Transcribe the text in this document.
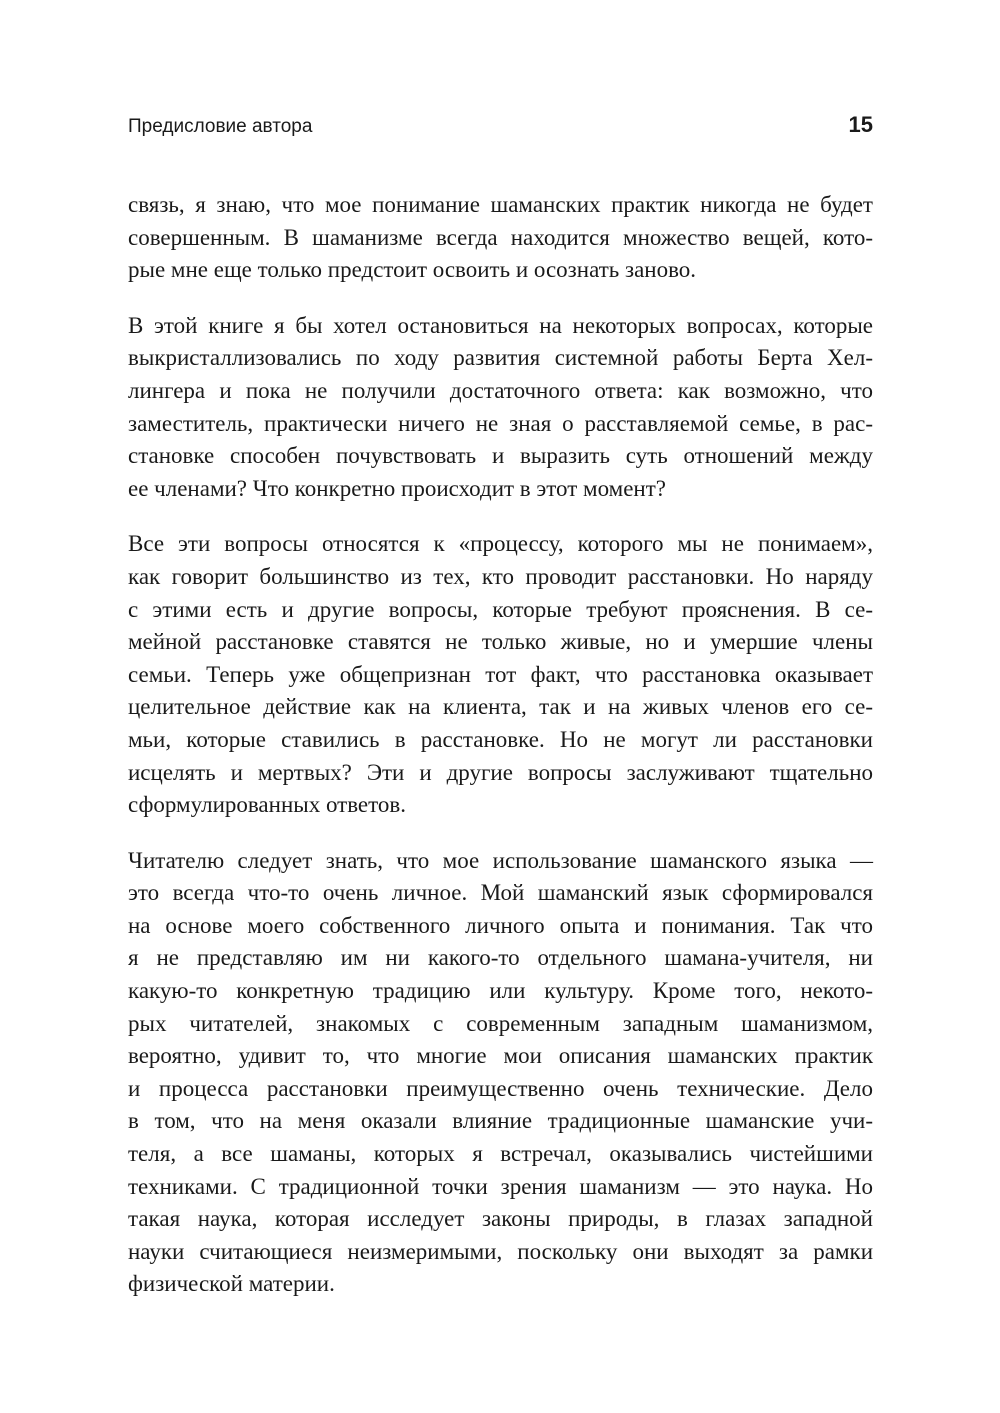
Предисловие автора	15
связь, я знаю, что мое понимание шаманских практик никогда не будет
совершенным. В шаманизме всегда находится множество вещей, кото-
рые мне еще только предстоит освоить и осознать заново.
В этой книге я бы хотел остановиться на некоторых вопросах, которые
выкристаллизовались по ходу развития системной работы Берта Хел-
лингера и пока не получили достаточного ответа: как возможно, что
заместитель, практически ничего не зная о расставляемой семье, в рас-
становке способен почувствовать и выразить суть отношений между
ее членами? Что конкретно происходит в этот момент?
Все эти вопросы относятся к «процессу, которого мы не понимаем»,
как говорит большинство из тех, кто проводит расстановки. Но наряду
с этими есть и другие вопросы, которые требуют прояснения. В се-
мейной расстановке ставятся не только живые, но и умершие члены
семьи. Теперь уже общепризнан тот факт, что расстановка оказывает
целительное действие как на клиента, так и на живых членов его се-
мьи, которые ставились в расстановке. Но не могут ли расстановки
исцелять и мертвых? Эти и другие вопросы заслуживают тщательно
сформулированных ответов.
Читателю следует знать, что мое использование шаманского языка —
это всегда что-то очень личное. Мой шаманский язык сформировался
на основе моего собственного личного опыта и понимания. Так что
я не представляю им ни какого-то отдельного шамана-учителя, ни
какую-то конкретную традицию или культуру. Кроме того, некото-
рых читателей, знакомых с современным западным шаманизмом,
вероятно, удивит то, что многие мои описания шаманских практик
и процесса расстановки преимущественно очень технические. Дело
в том, что на меня оказали влияние традиционные шаманские учи-
теля, а все шаманы, которых я встречал, оказывались чистейшими
техниками. С традиционной точки зрения шаманизм — это наука. Но
такая наука, которая исследует законы природы, в глазах западной
науки считающиеся неизмеримыми, поскольку они выходят за рамки
физической материи.
